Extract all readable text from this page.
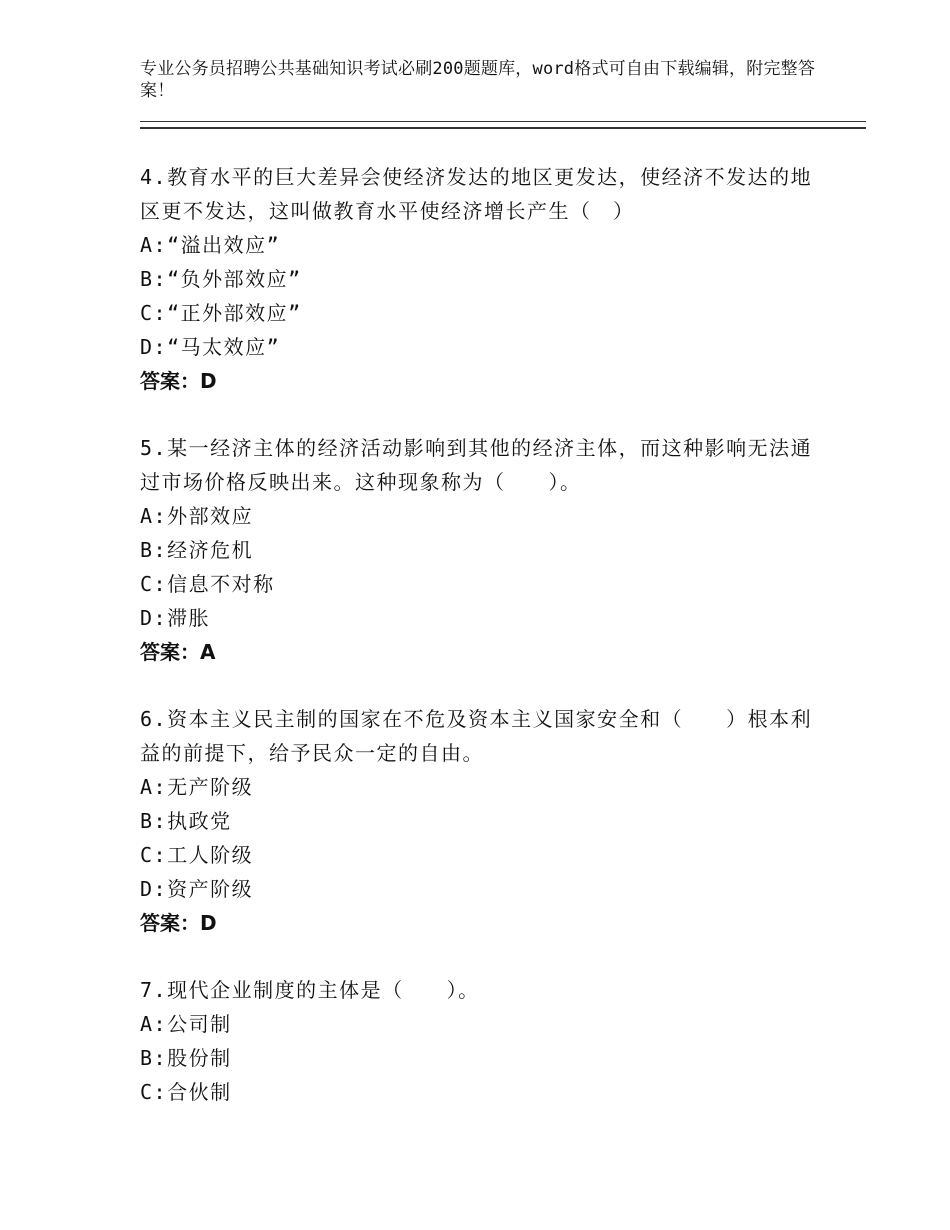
专业公务员招聘公共基础知识考试必刷200题题库，word格式可自由下载编辑，附完整答案！
4.教育水平的巨大差异会使经济发达的地区更发达，使经济不发达的地区更不发达，这叫做教育水平使经济增长产生（　）
A:“溢出效应”
B:“负外部效应”
C:“正外部效应”
D:“马太效应”
答案：D
5.某一经济主体的经济活动影响到其他的经济主体，而这种影响无法通过市场价格反映出来。这种现象称为（　　）。
A:外部效应
B:经济危机
C:信息不对称
D:滞胀
答案：A
6.资本主义民主制的国家在不危及资本主义国家安全和（　　）根本利益的前提下，给予民众一定的自由。
A:无产阶级
B:执政党
C:工人阶级
D:资产阶级
答案：D
7.现代企业制度的主体是（　　）。
A:公司制
B:股份制
C:合伙制
